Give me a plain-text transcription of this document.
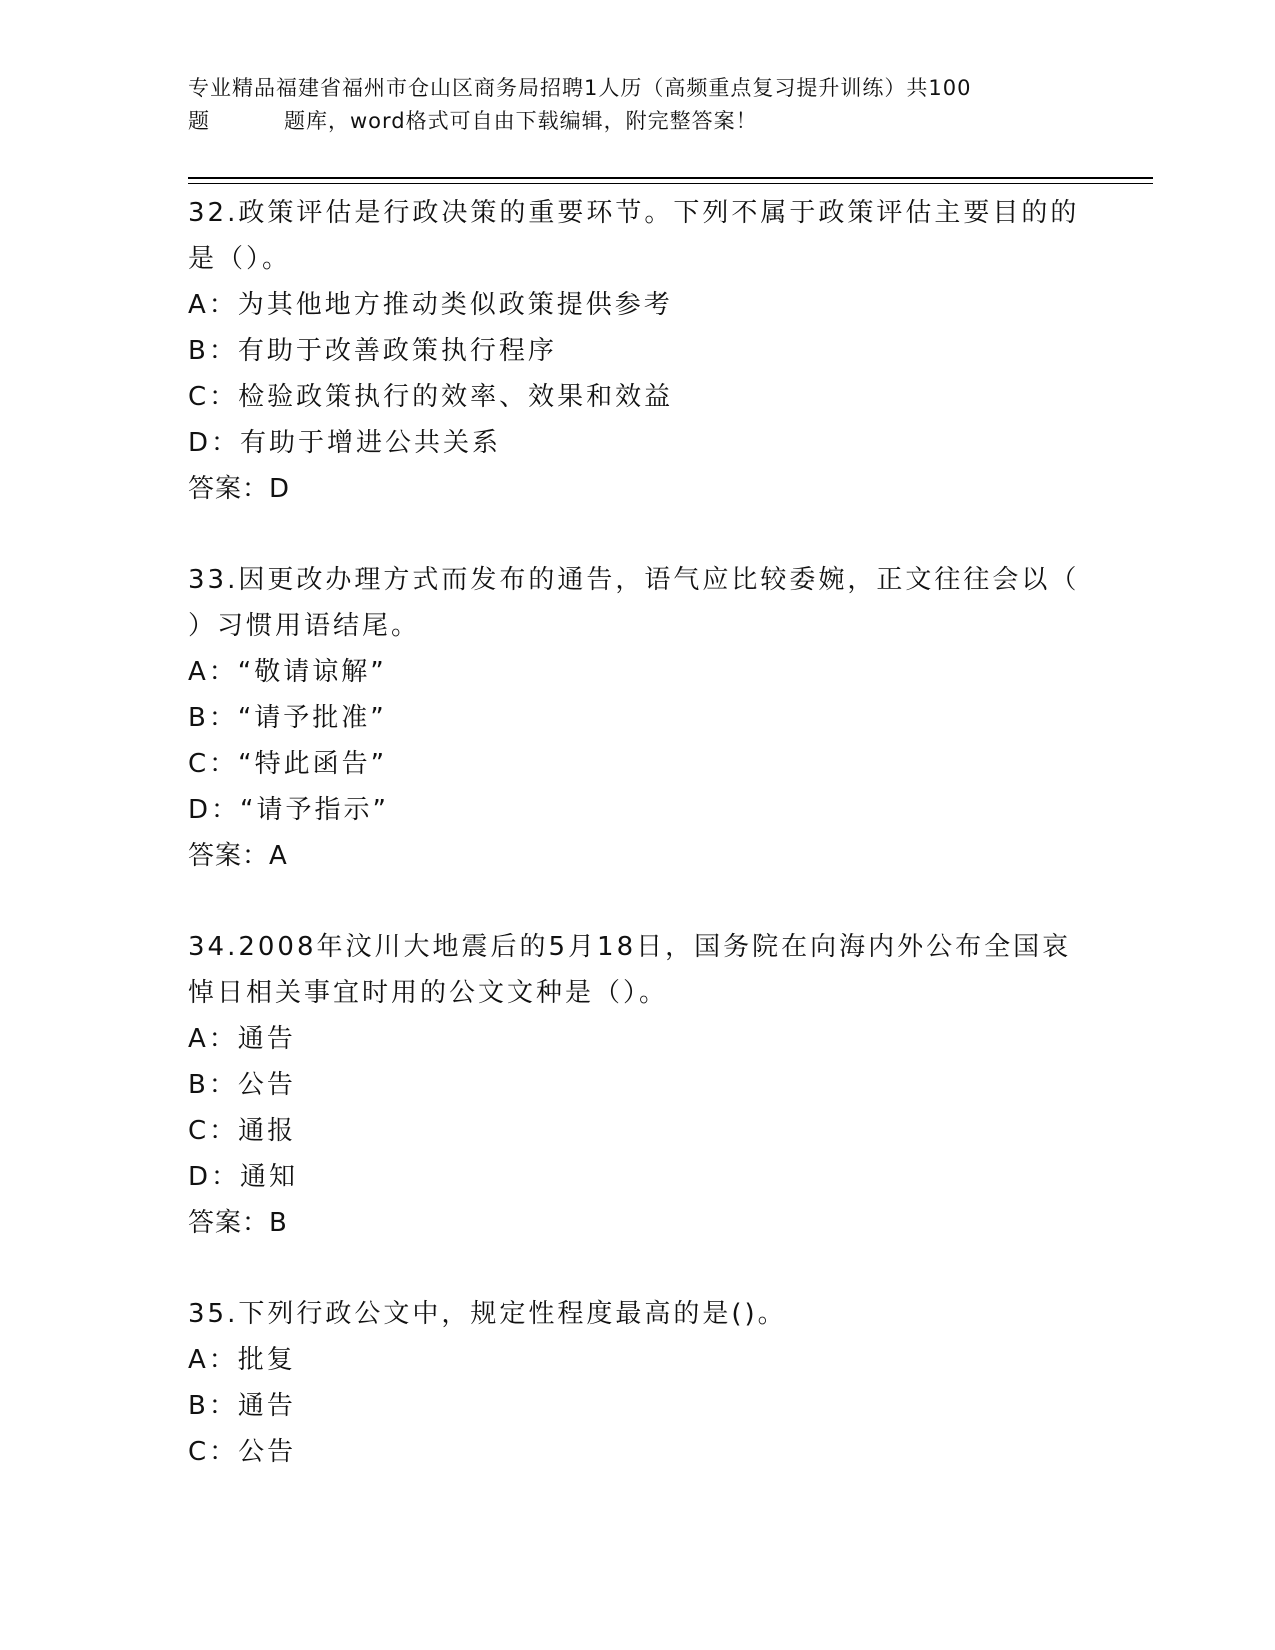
专业精品福建省福州市仓山区商务局招聘1人历（高频重点复习提升训练）共100
题	题库，word格式可自由下载编辑，附完整答案！
32.政策评估是行政决策的重要环节。下列不属于政策评估主要目的的
是（）。
A：为其他地方推动类似政策提供参考
B：有助于改善政策执行程序
C：检验政策执行的效率、效果和效益
D：有助于增进公共关系
答案：D
33.因更改办理方式而发布的通告，语气应比较委婉，正文往往会以（
）习惯用语结尾。
A：“敬请谅解”
B：“请予批准”
C：“特此函告”
D：“请予指示”
答案：A
34.2008年汶川大地震后的5月18日，国务院在向海内外公布全国哀
悼日相关事宜时用的公文文种是（）。
A：通告
B：公告
C：通报
D：通知
答案：B
35.下列行政公文中，规定性程度最高的是()。
A：批复
B：通告
C：公告
